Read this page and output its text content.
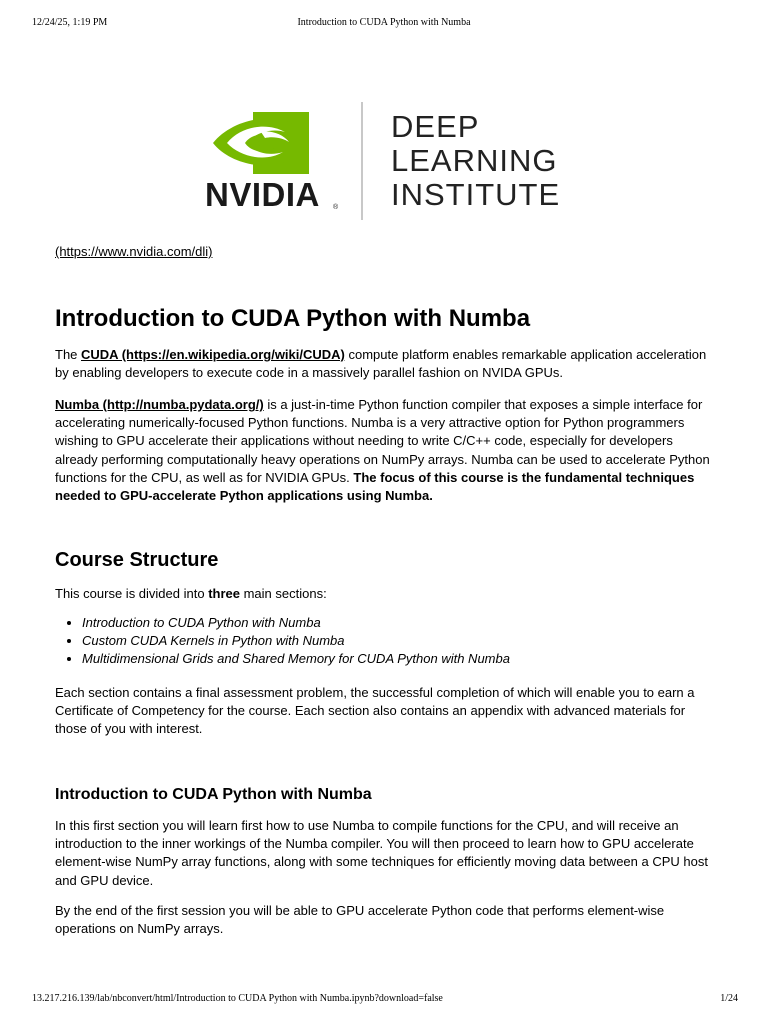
12/24/25, 1:19 PM	Introduction to CUDA Python with Numba
NVIDIA ®
DEEP
LEARNING
INSTITUTE
(https://www.nvidia.com/dli)
Introduction to CUDA Python with Numba

The CUDA (https://en.wikipedia.org/wiki/CUDA) compute platform enables remarkable application acceleration by enabling developers to execute code in a massively parallel fashion on NVIDA GPUs.

Numba (http://numba.pydata.org/) is a just-in-time Python function compiler that exposes a simple interface for accelerating numerically-focused Python functions. Numba is a very attractive option for Python programmers wishing to GPU accelerate their applications without needing to write C/C++ code, especially for developers already performing computationally heavy operations on NumPy arrays. Numba can be used to accelerate Python functions for the CPU, as well as for NVIDIA GPUs. The focus of this course is the fundamental techniques needed to GPU-accelerate Python applications using Numba.

Course Structure

This course is divided into three main sections:

• Introduction to CUDA Python with Numba
• Custom CUDA Kernels in Python with Numba
• Multidimensional Grids and Shared Memory for CUDA Python with Numba

Each section contains a final assessment problem, the successful completion of which will enable you to earn a Certificate of Competency for the course. Each section also contains an appendix with advanced materials for those of you with interest.

Introduction to CUDA Python with Numba

In this first section you will learn first how to use Numba to compile functions for the CPU, and will receive an introduction to the inner workings of the Numba compiler. You will then proceed to learn how to GPU accelerate element-wise NumPy array functions, along with some techniques for efficiently moving data between a CPU host and GPU device.

By the end of the first session you will be able to GPU accelerate Python code that performs element-wise operations on NumPy arrays.

13.217.216.139/lab/nbconvert/html/Introduction to CUDA Python with Numba.ipynb?download=false	1/24
